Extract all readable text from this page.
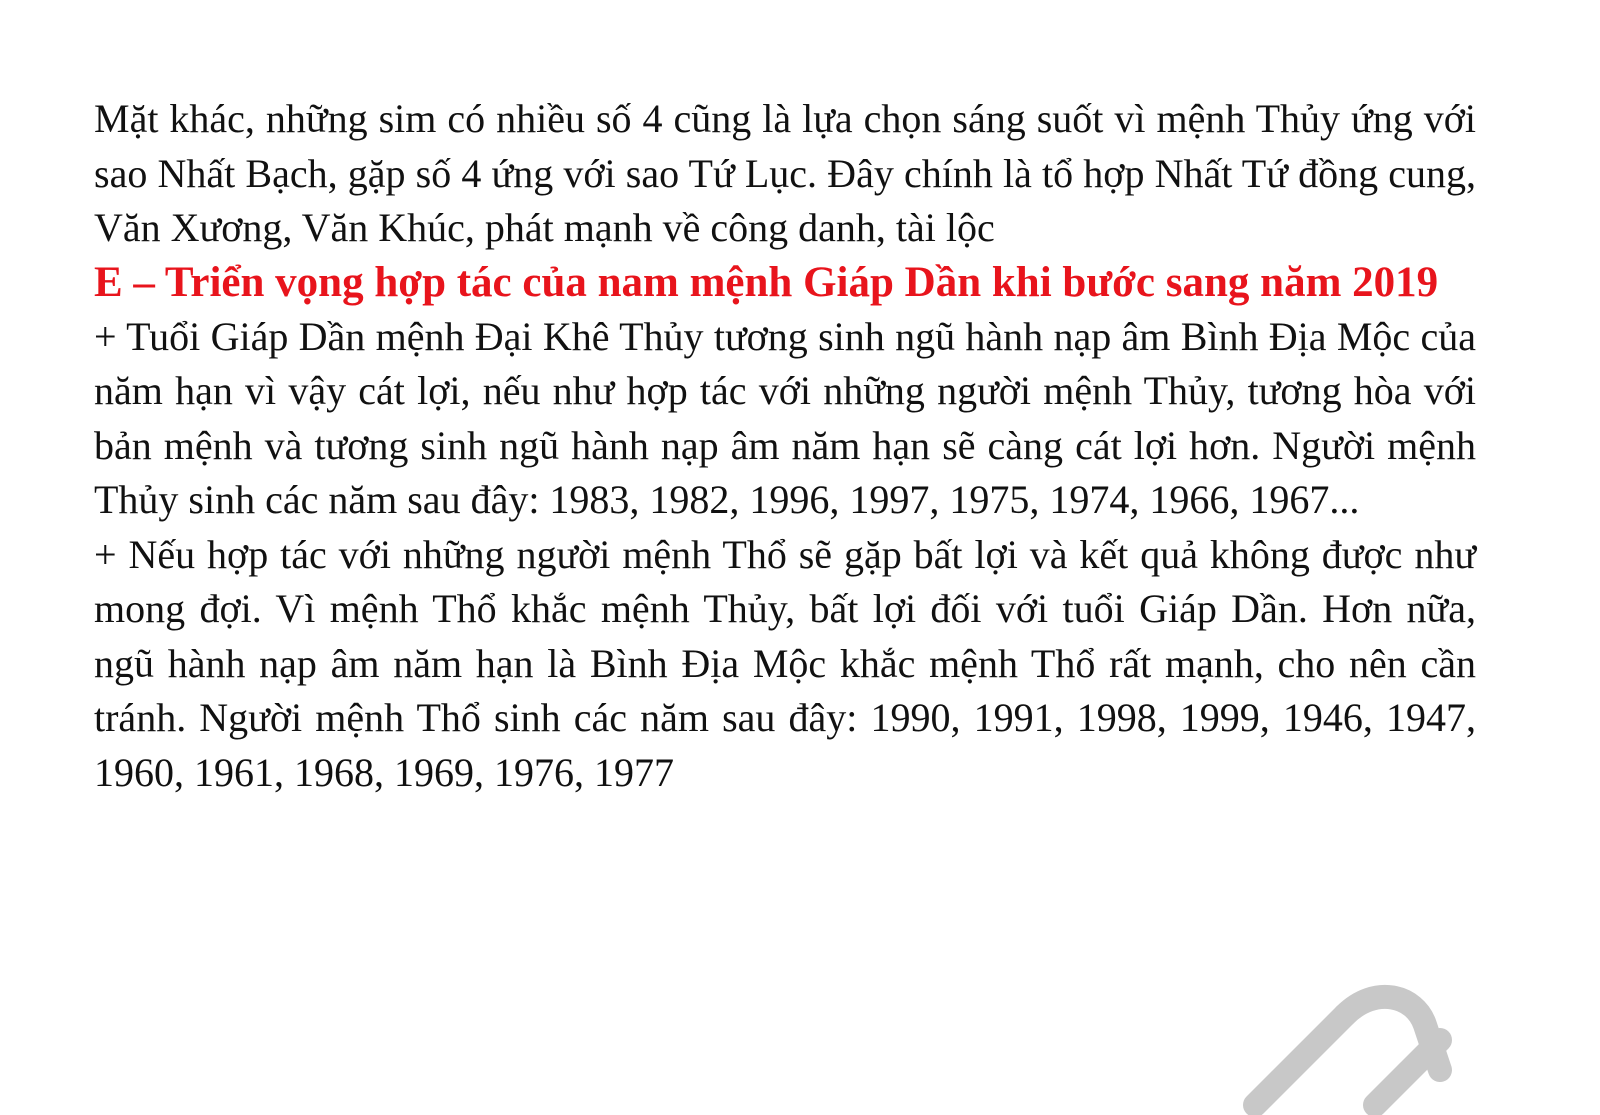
Mặt khác, những sim có nhiều số 4 cũng là lựa chọn sáng suốt vì mệnh Thủy ứng với sao Nhất Bạch, gặp số 4 ứng với sao Tứ Lục. Đây chính là tổ hợp Nhất Tứ đồng cung, Văn Xương, Văn Khúc, phát mạnh về công danh, tài lộc

E – Triển vọng hợp tác của nam mệnh Giáp Dần khi bước sang năm 2019

+ Tuổi Giáp Dần mệnh Đại Khê Thủy tương sinh ngũ hành nạp âm Bình Địa Mộc của năm hạn vì vậy cát lợi, nếu như hợp tác với những người mệnh Thủy, tương hòa với bản mệnh và tương sinh ngũ hành nạp âm năm hạn sẽ càng cát lợi hơn. Người mệnh Thủy sinh các năm sau đây: 1983, 1982, 1996, 1997, 1975, 1974, 1966, 1967...

+ Nếu hợp tác với những người mệnh Thổ sẽ gặp bất lợi và kết quả không được như mong đợi. Vì mệnh Thổ khắc mệnh Thủy, bất lợi đối với tuổi Giáp Dần. Hơn nữa, ngũ hành nạp âm năm hạn là Bình Địa Mộc khắc mệnh Thổ rất mạnh, cho nên cần tránh. Người mệnh Thổ sinh các năm sau đây: 1990, 1991, 1998, 1999, 1946, 1947, 1960, 1961, 1968, 1969, 1976, 1977
